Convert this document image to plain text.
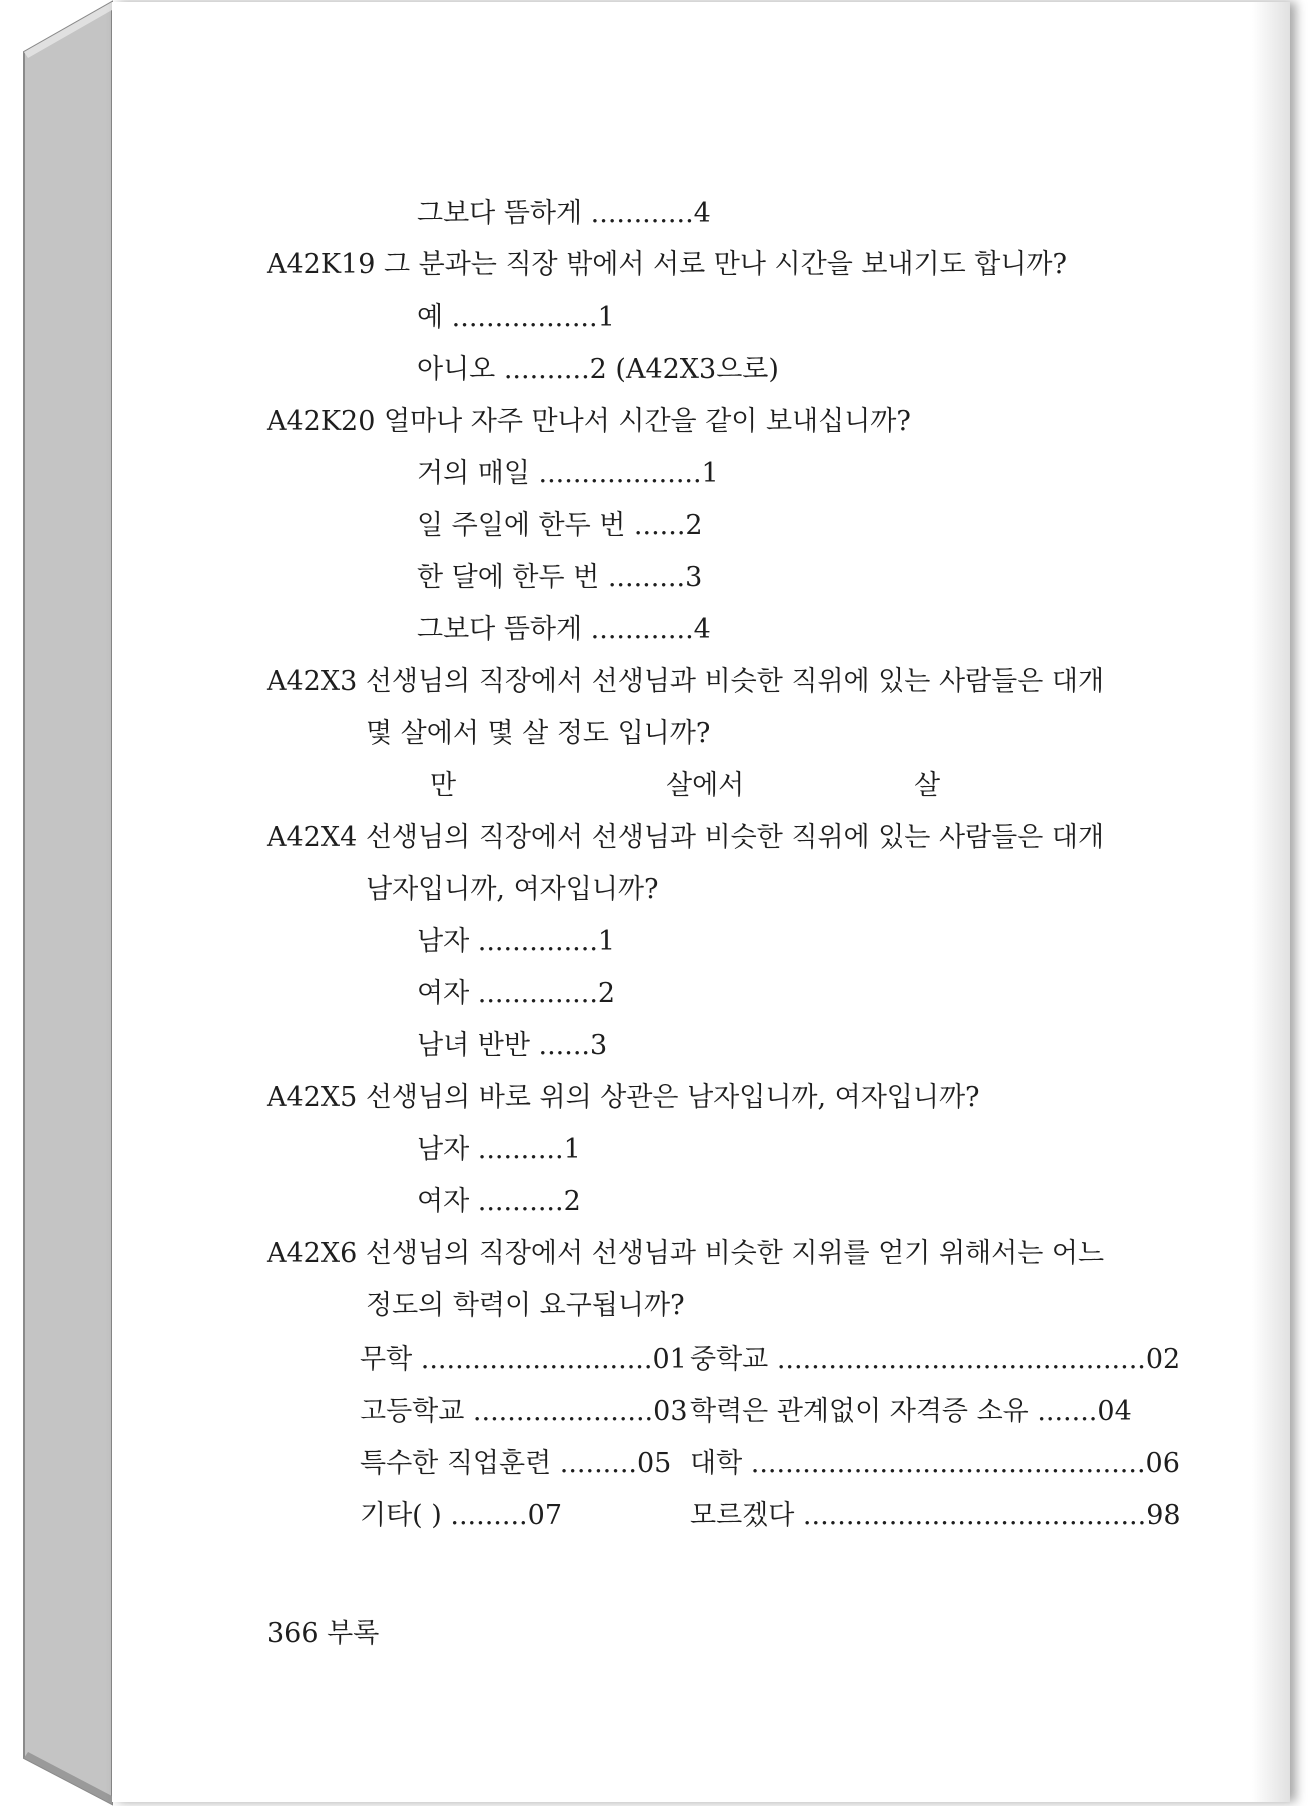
그보다 뜸하게 ............4
A42K19 그 분과는 직장 밖에서 서로 만나 시간을 보내기도 합니까?
예 .................1
아니오 ..........2 (A42X3으로)
A42K20 얼마나 자주 만나서 시간을 같이 보내십니까?
거의 매일 ...................1
일 주일에 한두 번 ......2
한 달에 한두 번 .........3
그보다 뜸하게 ............4
A42X3 선생님의 직장에서 선생님과 비슷한 직위에 있는 사람들은 대개
몇 살에서 몇 살 정도 입니까?
만	살에서	살
A42X4 선생님의 직장에서 선생님과 비슷한 직위에 있는 사람들은 대개
남자입니까, 여자입니까?
남자 ..............1
여자 ..............2
남녀 반반 ......3
A42X5 선생님의 바로 위의 상관은 남자입니까, 여자입니까?
남자 ..........1
여자 ..........2
A42X6 선생님의 직장에서 선생님과 비슷한 지위를 얻기 위해서는 어느
정도의 학력이 요구됩니까?
무학 ...........................01 중학교 ...........................................02
고등학교 .....................03 학력은 관계없이 자격증 소유 .......04
특수한 직업훈련 .........05 대학 ..............................................06
기타( ) .........07	모르겠다 ........................................98
366 부록
